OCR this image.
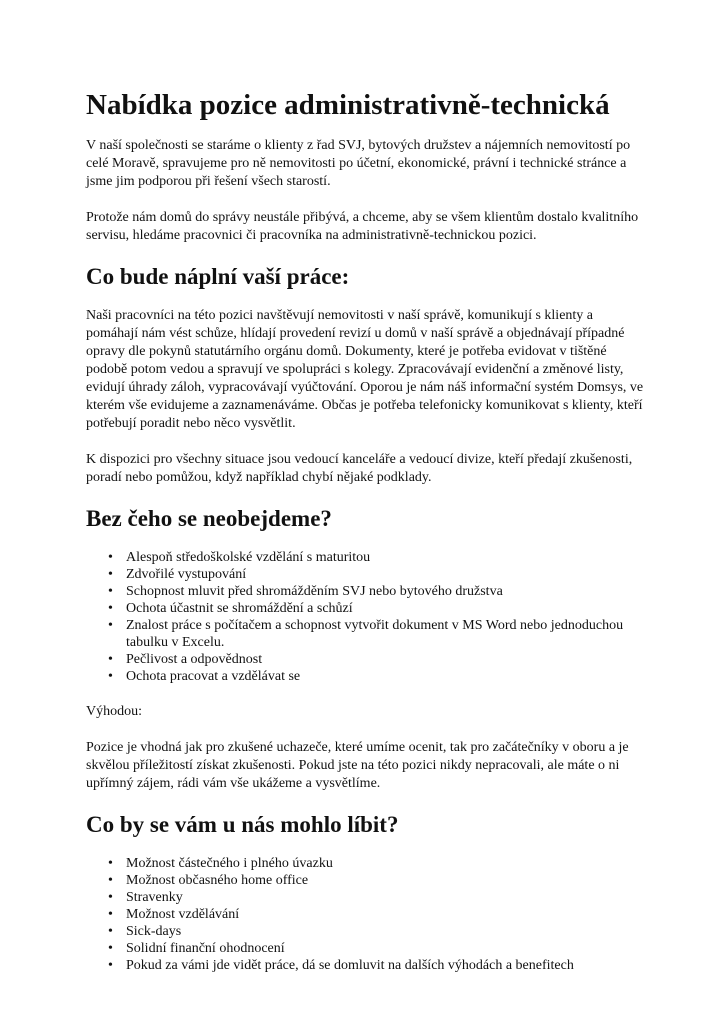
Nabídka pozice administrativně-technická

V naší společnosti se staráme o klienty z řad SVJ, bytových družstev a nájemních nemovitostí po celé Moravě, spravujeme pro ně nemovitosti po účetní, ekonomické, právní i technické stránce a jsme jim podporou při řešení všech starostí.

Protože nám domů do správy neustále přibývá, a chceme, aby se všem klientům dostalo kvalitního servisu, hledáme pracovnici či pracovníka na administrativně-technickou pozici.

Co bude náplní vaší práce:

Naši pracovníci na této pozici navštěvují nemovitosti v naší správě, komunikují s klienty a pomáhají nám vést schůze, hlídají provedení revizí u domů v naší správě a objednávají případné opravy dle pokynů statutárního orgánu domů. Dokumenty, které je potřeba evidovat v tištěné podobě potom vedou a spravují ve spolupráci s kolegy. Zpracovávají evidenční a změnové listy, evidují úhrady záloh, vypracovávají vyúčtování. Oporou je nám náš informační systém Domsys, ve kterém vše evidujeme a zaznamenáváme. Občas je potřeba telefonicky komunikovat s klienty, kteří potřebují poradit nebo něco vysvětlit.

K dispozici pro všechny situace jsou vedoucí kanceláře a vedoucí divize, kteří předají zkušenosti, poradí nebo pomůžou, když například chybí nějaké podklady.

Bez čeho se neobejdeme?
• Alespoň středoškolské vzdělání s maturitou
• Zdvořilé vystupování
• Schopnost mluvit před shromážděním SVJ nebo bytového družstva
• Ochota účastnit se shromáždění a schůzí
• Znalost práce s počítačem a schopnost vytvořit dokument v MS Word nebo jednoduchou tabulku v Excelu.
• Pečlivost a odpovědnost
• Ochota pracovat a vzdělávat se

Výhodou:

Pozice je vhodná jak pro zkušené uchazeče, které umíme ocenit, tak pro začátečníky v oboru a je skvělou příležitostí získat zkušenosti. Pokud jste na této pozici nikdy nepracovali, ale máte o ni upřímný zájem, rádi vám vše ukážeme a vysvětlíme.

Co by se vám u nás mohlo líbit?
• Možnost částečného i plného úvazku
• Možnost občasného home office
• Stravenky
• Možnost vzdělávání
• Sick-days
• Solidní finanční ohodnocení
• Pokud za vámi jde vidět práce, dá se domluvit na dalších výhodách a benefitech
